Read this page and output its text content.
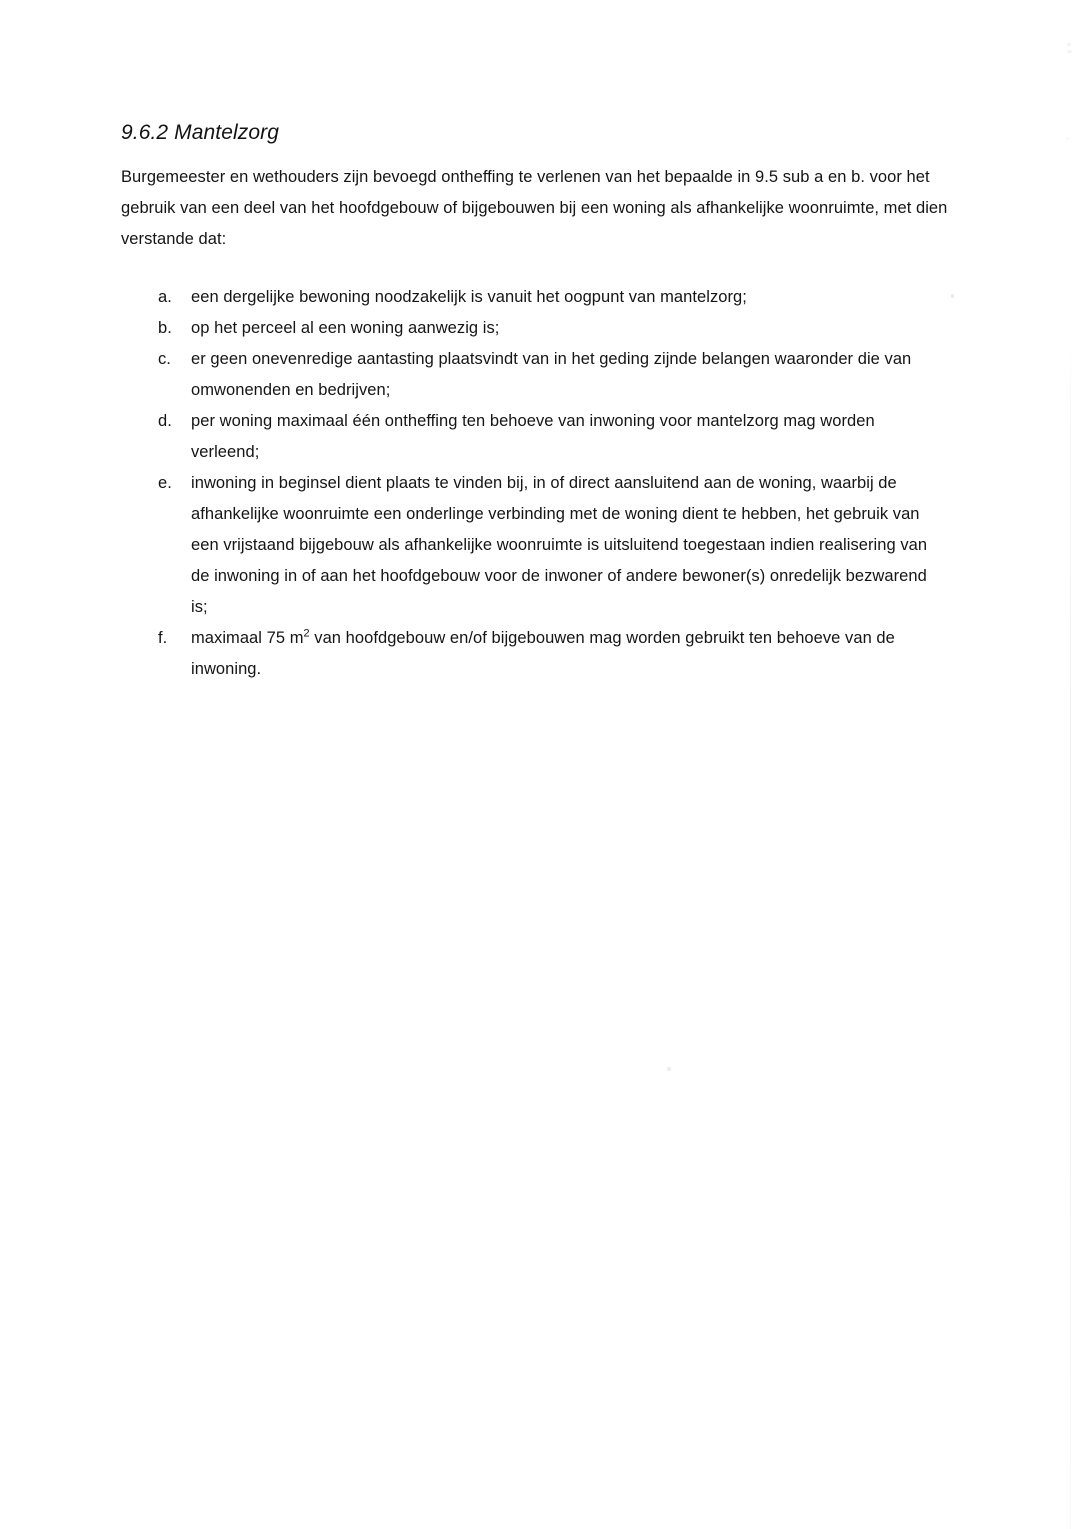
9.6.2 Mantelzorg

Burgemeester en wethouders zijn bevoegd ontheffing te verlenen van het bepaalde in 9.5 sub a en b. voor het gebruik van een deel van het hoofdgebouw of bijgebouwen bij een woning als afhankelijke woonruimte, met dien verstande dat:

a.	een dergelijke bewoning noodzakelijk is vanuit het oogpunt van mantelzorg;
b.	op het perceel al een woning aanwezig is;
c.	er geen onevenredige aantasting plaatsvindt van in het geding zijnde belangen waaronder die van omwonenden en bedrijven;
d.	per woning maximaal één ontheffing ten behoeve van inwoning voor mantelzorg mag worden verleend;
e.	inwoning in beginsel dient plaats te vinden bij, in of direct aansluitend aan de woning, waarbij de afhankelijke woonruimte een onderlinge verbinding met de woning dient te hebben, het gebruik van een vrijstaand bijgebouw als afhankelijke woonruimte is uitsluitend toegestaan indien realisering van de inwoning in of aan het hoofdgebouw voor de inwoner of andere bewoner(s) onredelijk bezwarend is;
f.	maximaal 75 $m^2$ van hoofdgebouw en/of bijgebouwen mag worden gebruikt ten behoeve van de inwoning.
